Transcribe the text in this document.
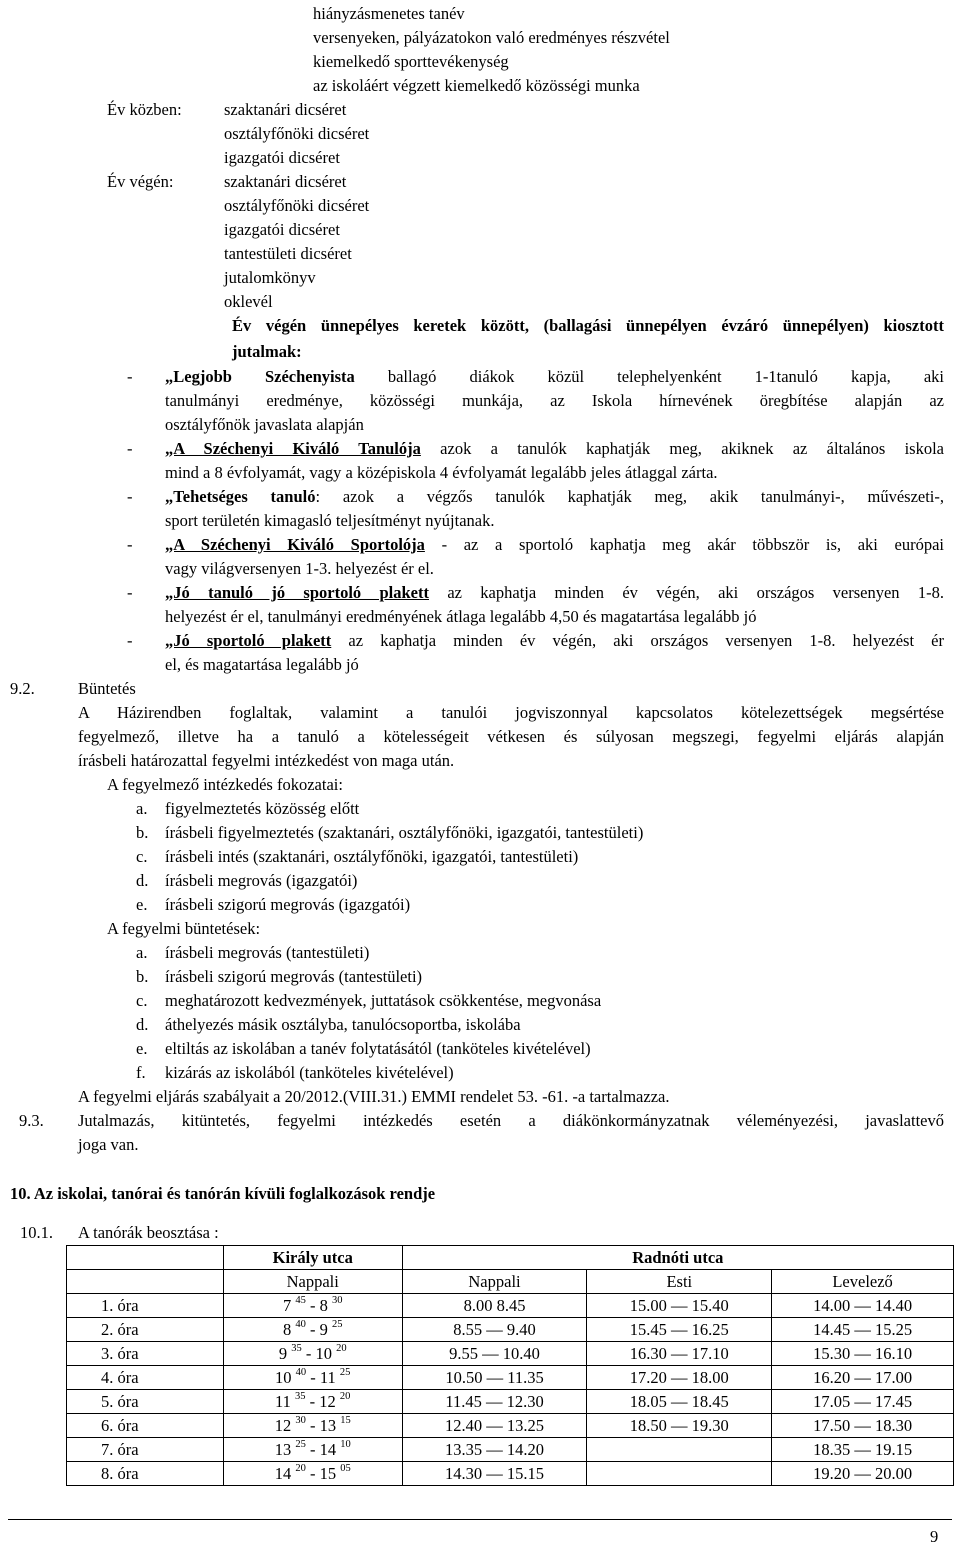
hiányzásmenetes tanév
versenyeken, pályázatokon való eredményes részvétel
kiemelkedő sporttevékenység
az iskoláért végzett kiemelkedő közösségi munka
Év közben:	szaktanári dicséret
osztályfőnöki dicséret
igazgatói dicséret
Év végén:	szaktanári dicséret
osztályfőnöki dicséret
igazgatói dicséret
tantestületi dicséret
jutalomkönyv
oklevél
Év végén ünnepélyes keretek között, (ballagási ünnepélyen évzáró ünnepélyen) kiosztott
jutalmak:
- „Legjobb Széchenyista ballagó diákok közül telephelyenként 1-1tanuló kapja, aki
tanulmányi eredménye, közösségi munkája, az Iskola hírnevének öregbítése alapján az
osztályfőnök javaslata alapján
- „A Széchenyi Kiváló Tanulója azok a tanulók kaphatják meg, akiknek az általános iskola
mind a 8 évfolyamát, vagy a középiskola 4 évfolyamát legalább jeles átlaggal zárta.
- „Tehetséges tanuló: azok a végzős tanulók kaphatják meg, akik tanulmányi-, művészeti-,
sport területén kimagasló teljesítményt nyújtanak.
- „A Széchenyi Kiváló Sportolója - az a sportoló kaphatja meg akár többször is, aki európai
vagy világversenyen 1-3. helyezést ér el.
- „Jó tanuló jó sportoló plakett az kaphatja minden év végén, aki országos versenyen 1-8.
helyezést ér el, tanulmányi eredményének átlaga legalább 4,50 és magatartása legalább jó
- „Jó sportoló plakett az kaphatja minden év végén, aki országos versenyen 1-8. helyezést ér
el, és magatartása legalább jó
9.2.	Büntetés
A Házirendben foglaltak, valamint a tanulói jogviszonnyal kapcsolatos kötelezettségek megsértése
fegyelmező, illetve ha a tanuló a kötelességeit vétkesen és súlyosan megszegi, fegyelmi eljárás alapján
írásbeli határozattal fegyelmi intézkedést von maga után.
A fegyelmező intézkedés fokozatai:
a. figyelmeztetés közösség előtt
b. írásbeli figyelmeztetés (szaktanári, osztályfőnöki, igazgatói, tantestületi)
c. írásbeli intés (szaktanári, osztályfőnöki, igazgatói, tantestületi)
d. írásbeli megrovás (igazgatói)
e. írásbeli szigorú megrovás (igazgatói)
A fegyelmi büntetések:
a. írásbeli megrovás (tantestületi)
b. írásbeli szigorú megrovás (tantestületi)
c. meghatározott kedvezmények, juttatások csökkentése, megvonása
d. áthelyezés másik osztályba, tanulócsoportba, iskolába
e. eltiltás az iskolában a tanév folytatásától (tanköteles kivételével)
f. kizárás az iskolából (tanköteles kivételével)
A fegyelmi eljárás szabályait a 20/2012.(VIII.31.) EMMI rendelet 53. -61. -a tartalmazza.
9.3. Jutalmazás, kitüntetés, fegyelmi intézkedés esetén a diákönkormányzatnak véleményezési, javaslattevő
joga van.
10. Az iskolai, tanórai és tanórán kívüli foglalkozások rendje
10.1. A tanórák beosztása :
	Király utca	Radnóti utca		
	Nappali	Nappali	Esti	Levelező
1. óra	7 $^{45}$ - 8 $^{30}$	8.00 8.45	15.00 — 15.40	14.00 — 14.40
2. óra	8 $^{40}$ - 9 $^{25}$	8.55 — 9.40	15.45 — 16.25	14.45 — 15.25
3. óra	9 $^{35}$ - 10 $^{20}$	9.55 — 10.40	16.30 — 17.10	15.30 — 16.10
4. óra	10 $^{40}$ - 11 $^{25}$	10.50 — 11.35	17.20 — 18.00	16.20 — 17.00
5. óra	11 $^{35}$ - 12 $^{20}$	11.45 — 12.30	18.05 — 18.45	17.05 — 17.45
6. óra	12 $^{30}$ - 13 $^{15}$	12.40 — 13.25	18.50 — 19.30	17.50 — 18.30
7. óra	13 $^{25}$ - 14 $^{10}$	13.35 — 14.20		18.35 — 19.15
8. óra	14 $^{20}$ - 15 $^{05}$	14.30 — 15.15		19.20 — 20.00
9
